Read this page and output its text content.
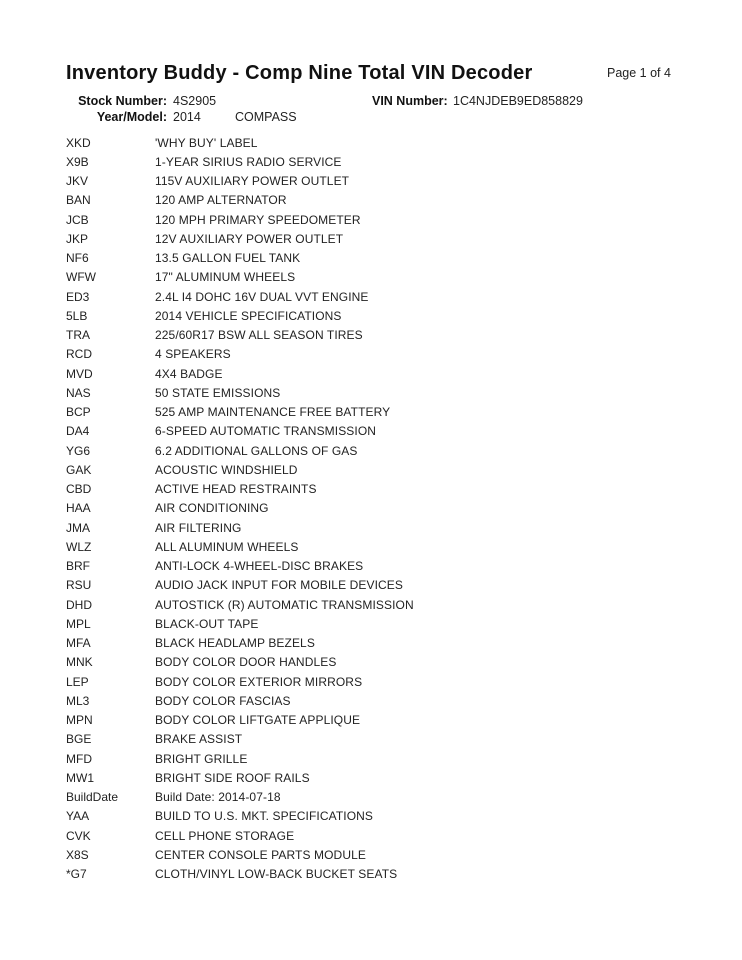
Inventory Buddy - Comp Nine Total VIN Decoder	Page 1 of 4
Stock Number: 4S2905	VIN Number: 1C4NJDEB9ED858829
Year/Model: 2014	COMPASS
XKD	'WHY BUY' LABEL
X9B	1-YEAR SIRIUS RADIO SERVICE
JKV	115V AUXILIARY POWER OUTLET
BAN	120 AMP ALTERNATOR
JCB	120 MPH PRIMARY SPEEDOMETER
JKP	12V AUXILIARY POWER OUTLET
NF6	13.5 GALLON FUEL TANK
WFW	17" ALUMINUM WHEELS
ED3	2.4L I4 DOHC 16V DUAL VVT ENGINE
5LB	2014 VEHICLE SPECIFICATIONS
TRA	225/60R17 BSW ALL SEASON TIRES
RCD	4 SPEAKERS
MVD	4X4 BADGE
NAS	50 STATE EMISSIONS
BCP	525 AMP MAINTENANCE FREE BATTERY
DA4	6-SPEED AUTOMATIC TRANSMISSION
YG6	6.2 ADDITIONAL GALLONS OF GAS
GAK	ACOUSTIC WINDSHIELD
CBD	ACTIVE HEAD RESTRAINTS
HAA	AIR CONDITIONING
JMA	AIR FILTERING
WLZ	ALL ALUMINUM WHEELS
BRF	ANTI-LOCK 4-WHEEL-DISC BRAKES
RSU	AUDIO JACK INPUT FOR MOBILE DEVICES
DHD	AUTOSTICK (R) AUTOMATIC TRANSMISSION
MPL	BLACK-OUT TAPE
MFA	BLACK HEADLAMP BEZELS
MNK	BODY COLOR DOOR HANDLES
LEP	BODY COLOR EXTERIOR MIRRORS
ML3	BODY COLOR FASCIAS
MPN	BODY COLOR LIFTGATE APPLIQUE
BGE	BRAKE ASSIST
MFD	BRIGHT GRILLE
MW1	BRIGHT SIDE ROOF RAILS
BuildDate	Build Date: 2014-07-18
YAA	BUILD TO U.S. MKT. SPECIFICATIONS
CVK	CELL PHONE STORAGE
X8S	CENTER CONSOLE PARTS MODULE
*G7	CLOTH/VINYL LOW-BACK BUCKET SEATS
